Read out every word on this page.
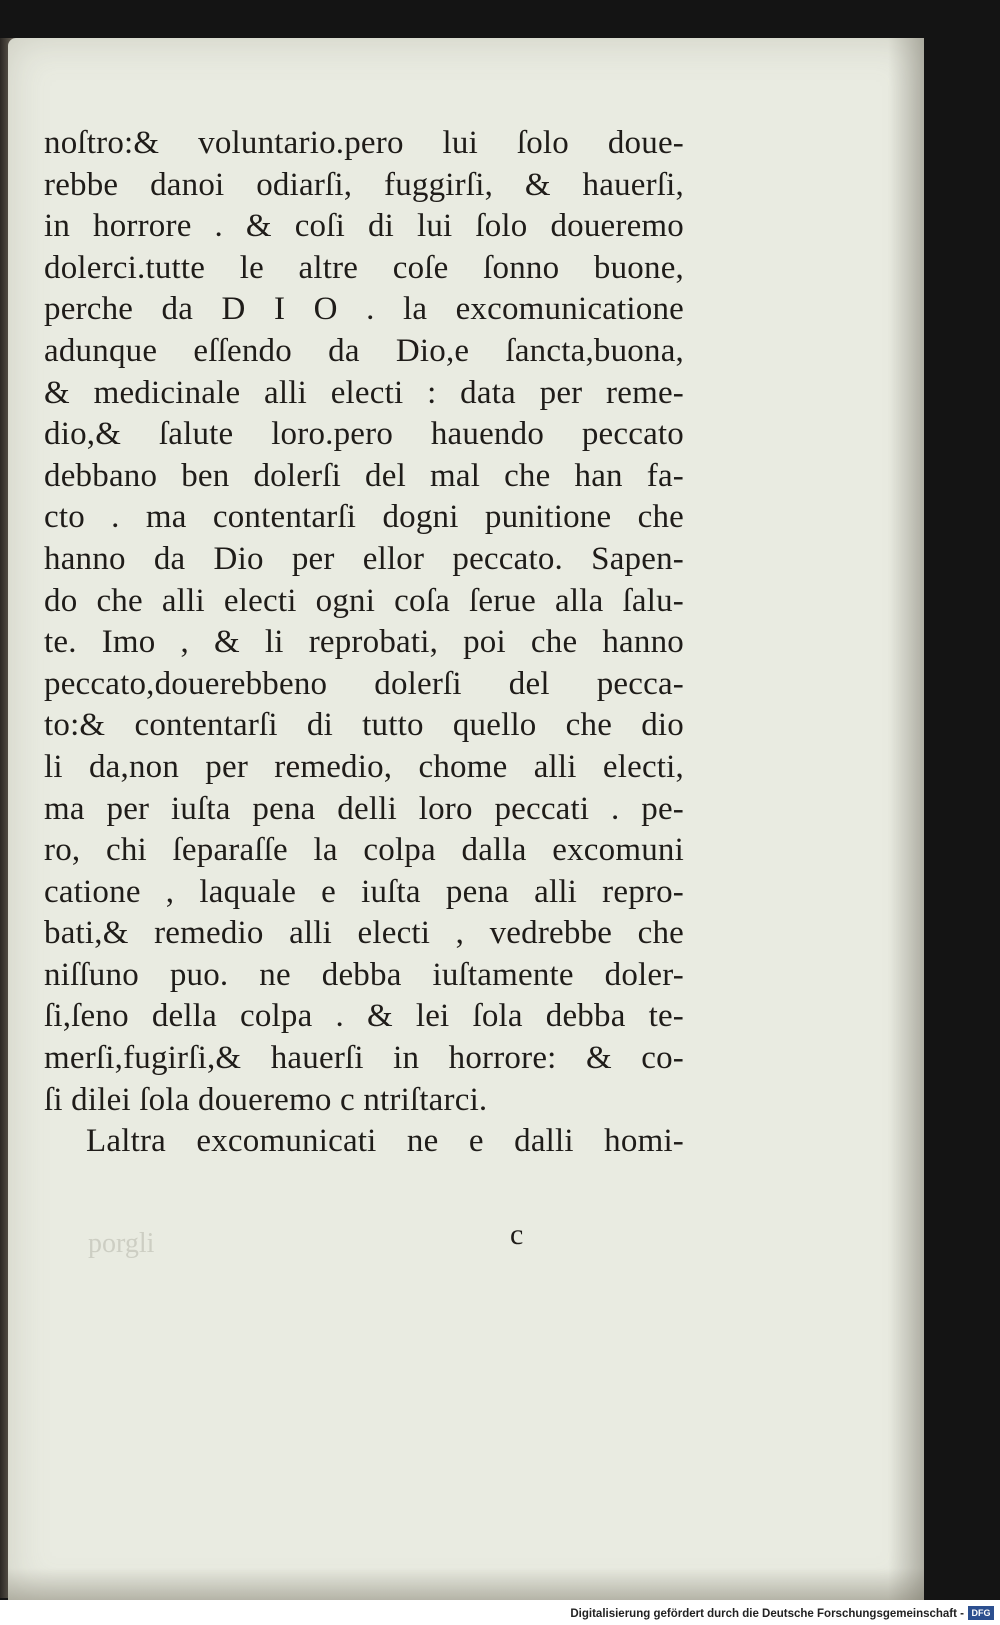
noſtro:& voluntario.pero lui ſolo doue-
rebbe danoi odiarſi, fuggirſi, & hauerſi,
in horrore . & coſi di lui ſolo doueremo
dolerci.tutte le altre coſe ſonno buone,
perche da D I O . la excomunicatione
adunque eſſendo da Dio,e ſancta,buona,
& medicinale alli electi : data per reme-
dio,& ſalute loro.pero hauendo peccato
debbano ben dolerſi del mal che han fa-
cto . ma contentarſi dogni punitione che
hanno da Dio per ellor peccato. Sapen-
do che alli electi ogni coſa ſerue alla ſalu-
te. Imo , & li reprobati, poi che hanno
peccato,douerebbeno dolerſi del pecca-
to:& contentarſi di tutto quello che dio
li da,non per remedio, chome alli electi,
ma per iuſta pena delli loro peccati . pe-
ro, chi ſeparaſſe la colpa dalla excomuni
catione , laquale e iuſta pena alli repro-
bati,& remedio alli electi , vedrebbe che
niſſuno puo. ne debba iuſtamente doler-
ſi,ſeno della colpa . & lei ſola debba te-
merſi,fugirſi,& hauerſi in horrore: & co-
ſi dilei ſola doueremo c ntriſtarci.
Laltra excomunicati ne e dalli homi-
porgli	c
Digitalisierung gefördert durch die Deutsche Forschungsgemeinschaft - DFG
